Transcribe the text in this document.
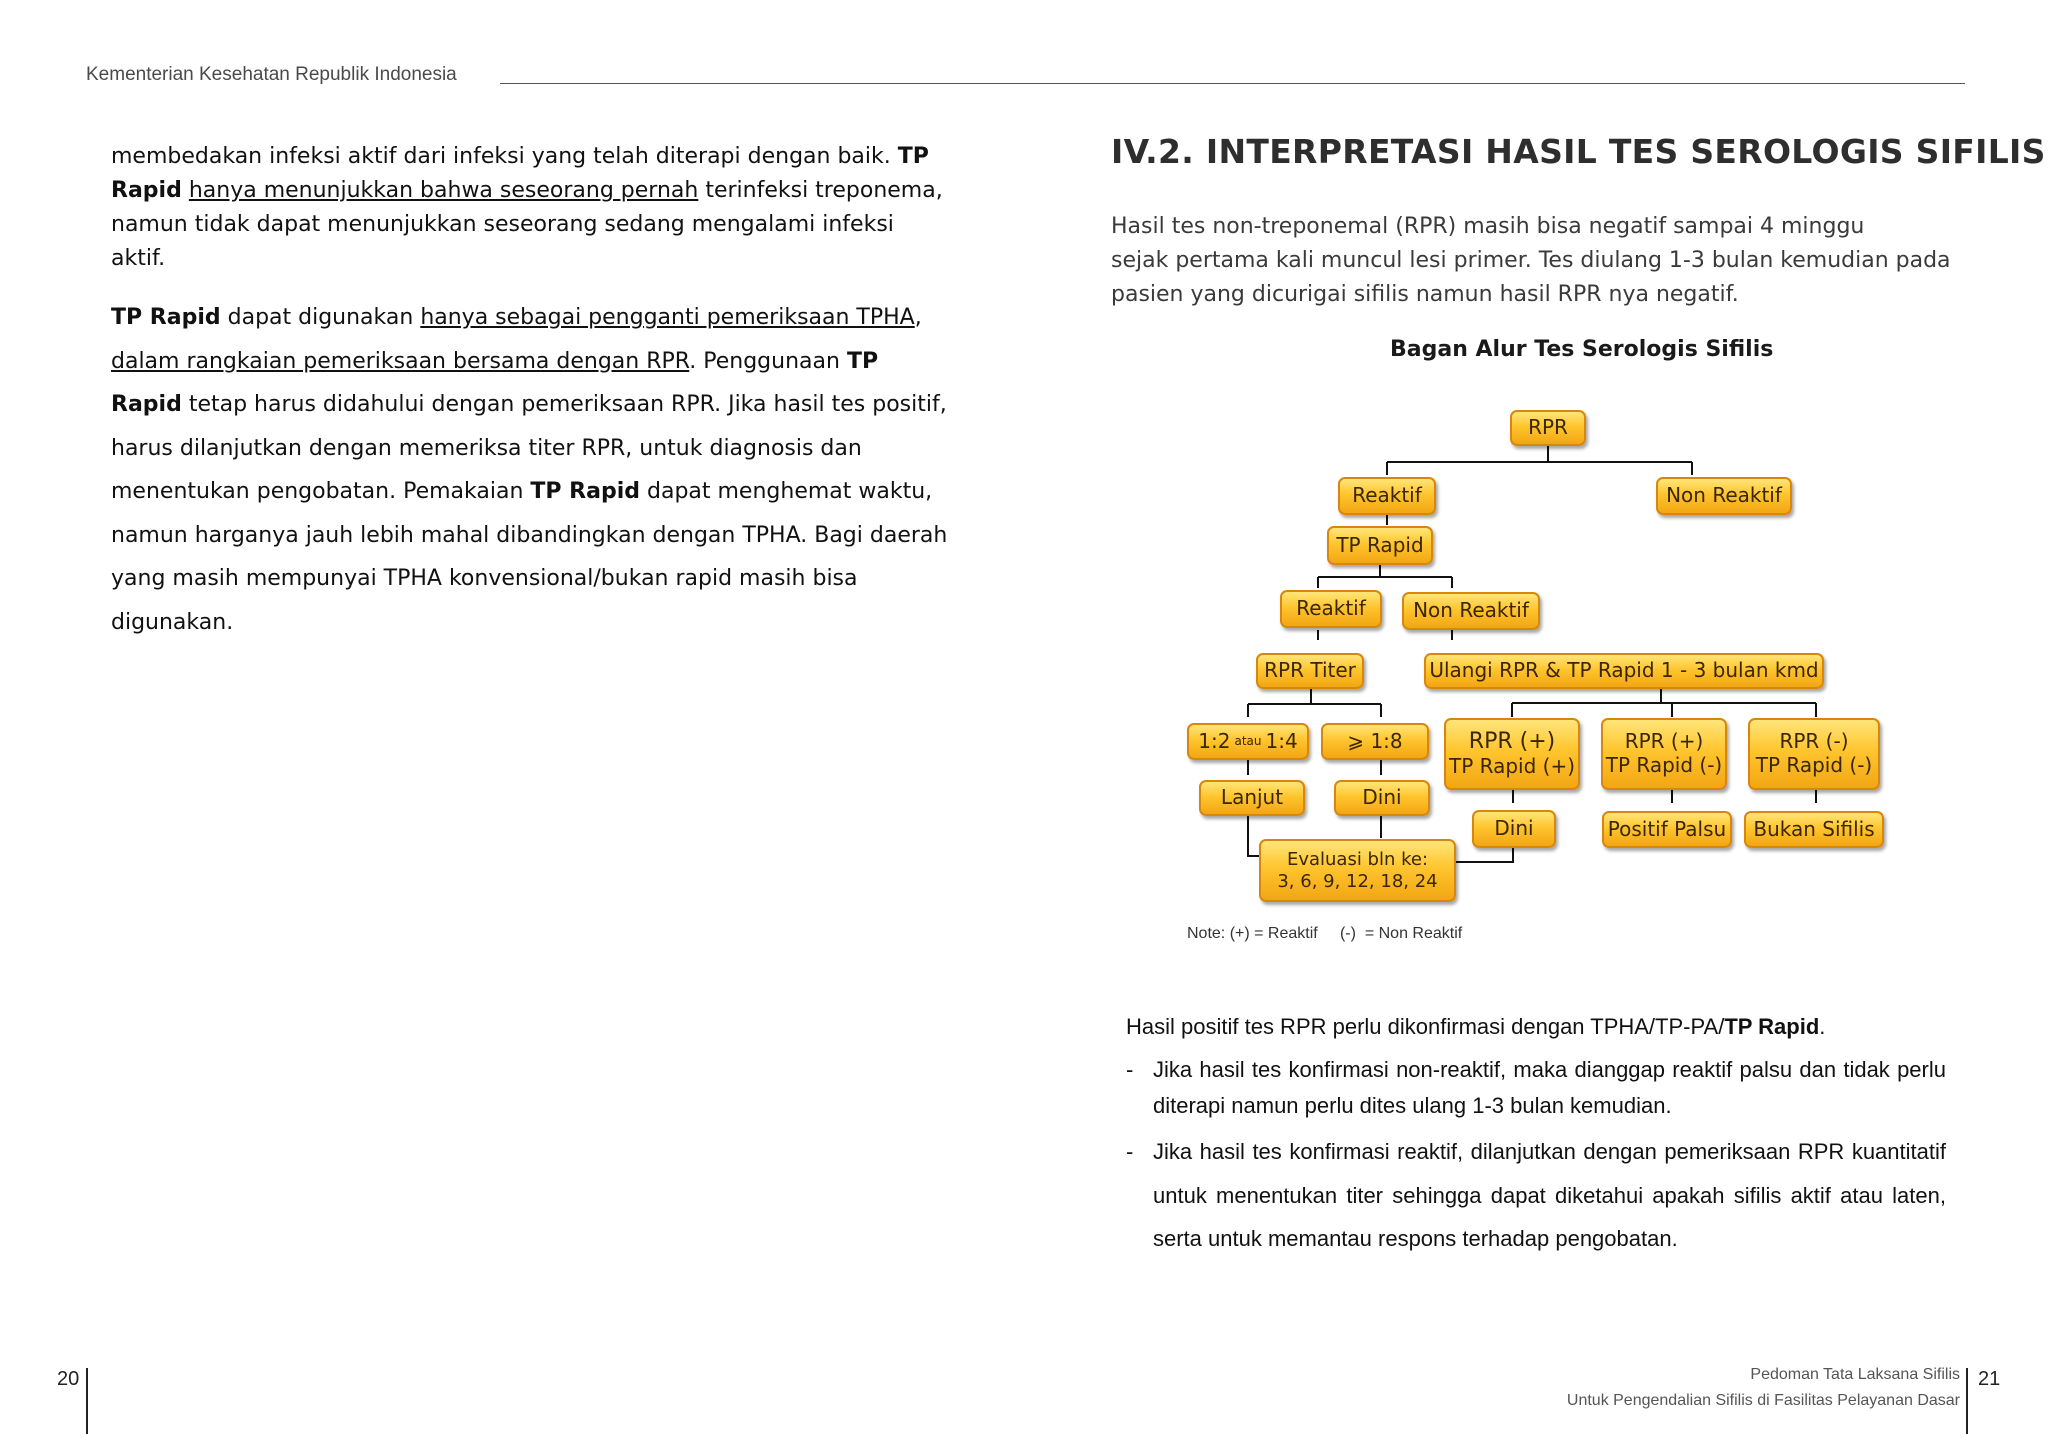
Kementerian Kesehatan Republik Indonesia

membedakan infeksi aktif dari infeksi yang telah diterapi dengan baik. TP Rapid hanya menunjukkan bahwa seseorang pernah terinfeksi treponema, namun tidak dapat menunjukkan seseorang sedang mengalami infeksi aktif.

TP Rapid dapat digunakan hanya sebagai pengganti pemeriksaan TPHA, dalam rangkaian pemeriksaan bersama dengan RPR. Penggunaan TP Rapid tetap harus didahului dengan pemeriksaan RPR. Jika hasil tes positif, harus dilanjutkan dengan memeriksa titer RPR, untuk diagnosis dan menentukan pengobatan. Pemakaian TP Rapid dapat menghemat waktu, namun harganya jauh lebih mahal dibandingkan dengan TPHA. Bagi daerah yang masih mempunyai TPHA konvensional/bukan rapid masih bisa digunakan.

IV.2. INTERPRETASI HASIL TES SEROLOGIS SIFILIS
Hasil tes non-treponemal (RPR) masih bisa negatif sampai 4 minggu
sejak pertama kali muncul lesi primer. Tes diulang 1-3 bulan kemudian pada
pasien yang dicurigai sifilis namun hasil RPR nya negatif.
Bagan Alur Tes Serologis Sifilis
RPR
Reaktif	Non Reaktif
TP Rapid
Reaktif Non Reaktif
RPR Titer	Ulangi RPR & TP Rapid 1 - 3 bulan kmd
1:2 atau 1:4 ⩾ 1:8	RPR (+)
TP Rapid (+)
RPR (+)
TP Rapid (-)
RPR (-)
TP Rapid (-)
Lanjut	Dini
Dini	Positif Palsu Bukan Sifilis
Evaluasi bln ke:
3, 6, 9, 12, 18, 24
Note: (+) = Reaktif     (-)  = Non Reaktif
Hasil positif tes RPR perlu dikonfirmasi dengan TPHA/TP-PA/TP Rapid.
- Jika hasil tes konfirmasi non-reaktif, maka dianggap reaktif palsu dan tidak perlu diterapi namun perlu dites ulang 1-3 bulan kemudian.
- Jika hasil tes konfirmasi reaktif, dilanjutkan dengan pemeriksaan RPR kuantitatif untuk menentukan titer sehingga dapat diketahui apakah sifilis aktif atau laten, serta untuk memantau respons terhadap pengobatan.
20	Pedoman Tata Laksana Sifilis
Untuk Pengendalian Sifilis di Fasilitas Pelayanan Dasar
21
